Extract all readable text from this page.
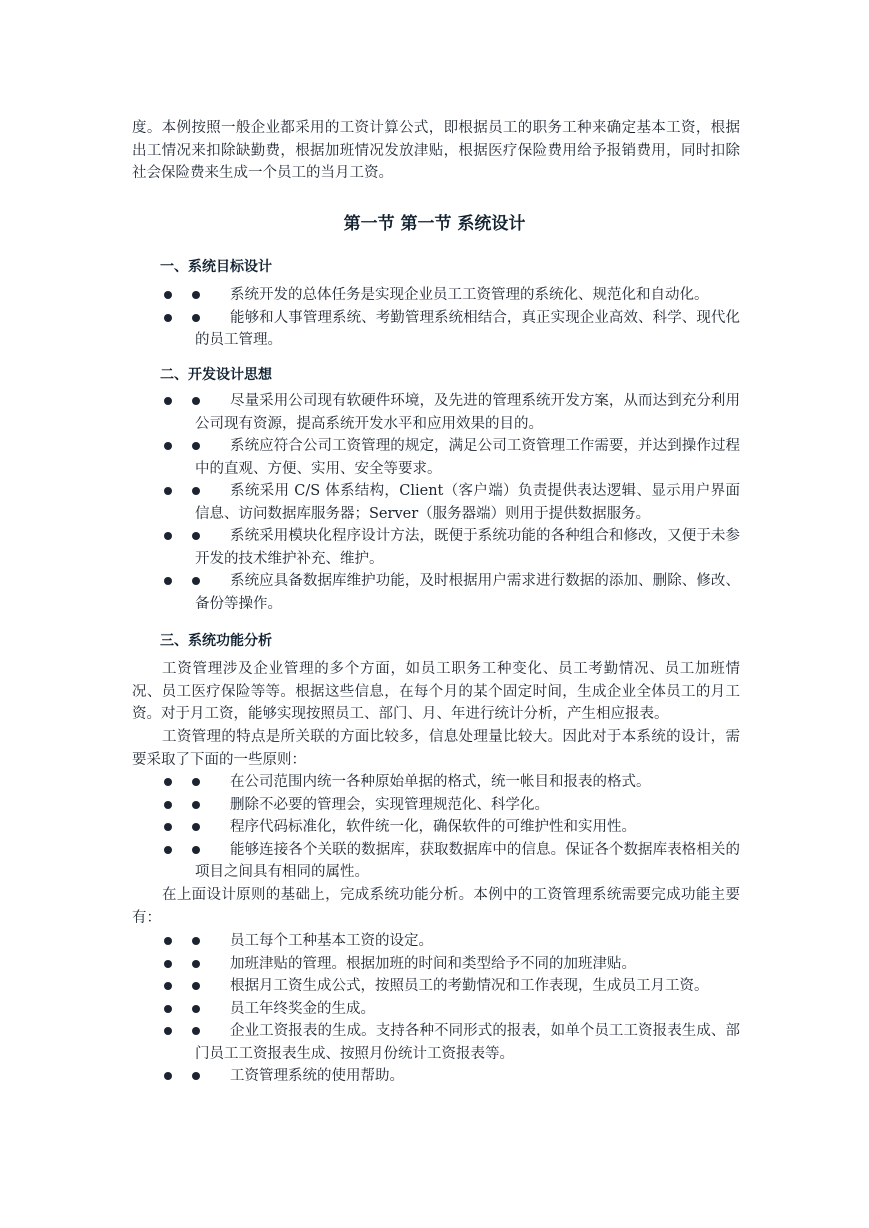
度。本例按照一般企业都采用的工资计算公式，即根据员工的职务工种来确定基本工资，根据出工情况来扣除缺勤费，根据加班情况发放津贴，根据医疗保险费用给予报销费用，同时扣除社会保险费来生成一个员工的当月工资。
第一节 第一节 系统设计
一、系统目标设计
系统开发的总体任务是实现企业员工工资管理的系统化、规范化和自动化。
能够和人事管理系统、考勤管理系统相结合，真正实现企业高效、科学、现代化的员工管理。
二、开发设计思想
尽量采用公司现有软硬件环境，及先进的管理系统开发方案，从而达到充分利用公司现有资源，提高系统开发水平和应用效果的目的。
系统应符合公司工资管理的规定，满足公司工资管理工作需要，并达到操作过程中的直观、方便、实用、安全等要求。
系统采用 C/S 体系结构，Client（客户端）负责提供表达逻辑、显示用户界面信息、访问数据库服务器；Server（服务器端）则用于提供数据服务。
系统采用模块化程序设计方法，既便于系统功能的各种组合和修改，又便于未参开发的技术维护补充、维护。
系统应具备数据库维护功能，及时根据用户需求进行数据的添加、删除、修改、备份等操作。
三、系统功能分析
工资管理涉及企业管理的多个方面，如员工职务工种变化、员工考勤情况、员工加班情况、员工医疗保险等等。根据这些信息，在每个月的某个固定时间，生成企业全体员工的月工资。对于月工资，能够实现按照员工、部门、月、年进行统计分析，产生相应报表。
工资管理的特点是所关联的方面比较多，信息处理量比较大。因此对于本系统的设计，需要采取了下面的一些原则：
在公司范围内统一各种原始单据的格式，统一帐目和报表的格式。
删除不必要的管理会，实现管理规范化、科学化。
程序代码标准化，软件统一化，确保软件的可维护性和实用性。
能够连接各个关联的数据库，获取数据库中的信息。保证各个数据库表格相关的项目之间具有相同的属性。
在上面设计原则的基础上，完成系统功能分析。本例中的工资管理系统需要完成功能主要有：
员工每个工种基本工资的设定。
加班津贴的管理。根据加班的时间和类型给予不同的加班津贴。
根据月工资生成公式，按照员工的考勤情况和工作表现，生成员工月工资。
员工年终奖金的生成。
企业工资报表的生成。支持各种不同形式的报表，如单个员工工资报表生成、部门员工工资报表生成、按照月份统计工资报表等。
工资管理系统的使用帮助。
